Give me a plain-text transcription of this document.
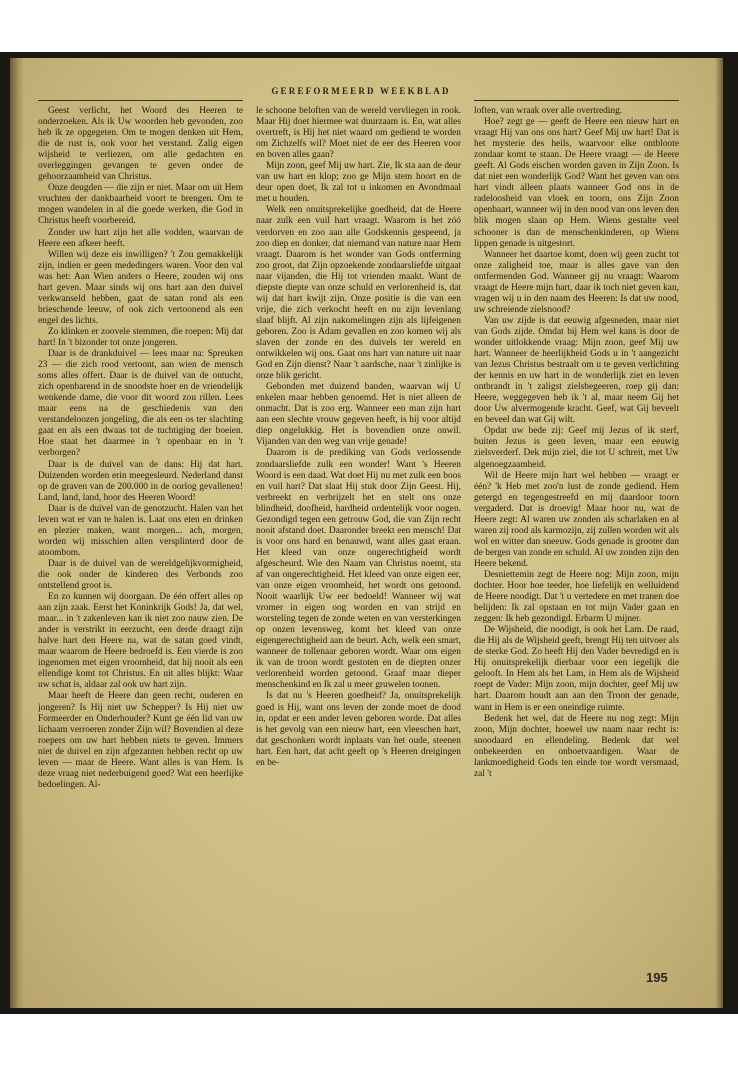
GEREFORMEERD WEEKBLAD

Geest verlicht, het Woord des Heeren te onderzoeken. Als ik Uw woorden heb gevonden, zoo heb ik ze opgegeten. Om te mogen denken uit Hem, die de rust is, ook voor het verstand. Zalig eigen wijsheid te verliezen, om alle gedachten en overleggingen gevangen te geven onder de gehoorzaamheid van Christus.

Onze deugden — die zijn er niet. Maar om uit Hem vruchten der dankbaarheid voort te brengen. Om te mogen wandelen in al die goede werken, die God in Christus heeft voorbereid.

Zonder uw hart zijn het alle vodden, waarvan de Heere een afkeer heeft.

Willen wij deze eis inwilligen? 't Zou gemakkelijk zijn, indien er geen mededingers waren. Voor den val was het: Aan Wien anders o Heere, zouden wij ons hart geven. Maar sinds wij ons hart aan den duivel verkwanseld hebben, gaat de satan rond als een brieschende leeuw, of ook zich vertoonend als een engel des lichts.

Zo klinken er zoovele stemmen, die roepen: Mij dat hart! In 't bizonder tot onze jongeren.

Daar is de drankduivel — lees maar na: Spreuken 23 — die zich rood vertoont, aan wien de mensch soms alles offert. Daar is de duivel van de ontucht, zich openbarend in de snoodste hoer en de vriendelijk wenkende dame, die voor dit woord zou rillen. Lees maar eens na de geschiedenis van den verstandeloozen jongeling, die als een os ter slachting gaat en als een dwaas tot de tuchtiging der boeien. Hoe staat het daarmee in 't openbaar en in 't verborgen?

Daar is de duivel van de dans: Hij dat hart. Duizenden worden erin meegesleurd. Nederland danst op de graven van de 200.000 in de oorlog gevallenen! Land, land, land, hoor des Heeren Woord!

Daar is de duivel van de genotzucht. Halen van het leven wat er van te halen is. Laat ons eten en drinken en plezier maken, want morgen... ach, morgen, worden wij misschien allen versplinterd door de atoombom.

Daar is de duivel van de wereldgelijkvormigheid, die ook onder de kinderen des Verbonds zoo ontstellend groot is.

En zo kunnen wij doorgaan. De één offert alles op aan zijn zaak. Eerst het Koninkrijk Gods! Ja, dat wel, maar... in 't zakenleven kan ik niet zoo nauw zien. De ander is verstrikt in eerzucht, een derde draagt zijn halve hart den Heere na, wat de satan goed vindt, maar waarom de Heere bedroefd is. Een vierde is zoo ingenomen met eigen vroomheid, dat hij nooit als een ellendige komt tot Christus. En uit alles blijkt: Waar uw schat is, aldaar zal ook uw hart zijn.

Maar heeft de Heere dan geen recht, ouderen en jongeren? Is Hij niet uw Schepper? Is Hij niet uw Formeerder en Onderhouder? Kunt ge één lid van uw lichaam verroeren zonder Zijn wil? Bovendien al deze roepers om uw hart hebben niets te geven. Immers niet de duivel en zijn afgezanten hebben recht op uw leven — maar de Heere. Want alles is van Hem. Is deze vraag niet nederbuigend goed? Wat een heerlijke bedoelingen. Al-

le schoone beloften van de wereld vervliegen in rook. Maar Hij doet hiermee wat duurzaam is. En, wat alles overtreft, is Hij het niet waard om gediend te worden om Zichzelfs wil? Moet niet de eer des Heeren voor en boven alles gaan?

Mijn zoon, geef Mij uw hart. Zie, Ik sta aan de deur van uw hart en klop; zoo ge Mijn stem hoort en de deur open doet, Ik zal tot u inkomen en Avondmaal met u houden.

Welk een onuitsprekelijke goedheid, dat de Heere naar zulk een vuil hart vraagt. Waarom is het zóó verdorven en zoo aan alle Godskennis gespeend, ja zoo diep en donker, dat niemand van nature naar Hem vraagt. Daarom is het wonder van Gods ontferming zoo groot, dat Zijn opzoekende zondaarsliefde uitgaat naar vijanden, die Hij tot vrienden maakt. Want de diepste diepte van onze schuld en verlorenheid is, dat wij dat hart kwijt zijn. Onze positie is die van een vrije, die zich verkocht heeft en nu zijn levenlang slaaf blijft. Al zijn nakomelingen zijn als lijfeigenen geboren. Zoo is Adam gevallen en zoo komen wij als slaven der zonde en des duivels ter wereld en ontwikkelen wij ons. Gaat ons hart van nature uit naar God en Zijn dienst? Naar 't aardsche, naar 't zinlijke is onze blik gericht.

Gebonden met duizend banden, waarvan wij U enkelen maar hebben genoemd. Het is niet alleen de onmacht. Dat is zoo erg. Wanneer een man zijn hart aan een slechte vrouw gegeven heeft, is hij voor altijd diep ongelukkig. Het is bovendien onze onwil. Vijanden van den weg van vrije genade!

Daarom is de prediking van Gods verlossende zondaarsliefde zulk een wonder! Want 's Heeren Woord is een daad. Wat doet Hij nu met zulk een boos en vuil hart? Dat slaat Hij stuk door Zijn Geest. Hij, verbreekt en verbrijzelt het en stelt ons onze blindheid, doofheid, hardheid ordentelijk voor oogen. Gezondigd tegen een getrouw God, die van Zijn recht nooit afstand doet. Daaronder breekt een mensch! Dat is voor ons hard en benauwd, want alles gaat eraan. Het kleed van onze ongerechtigheid wordt afgescheurd. Wie den Naam van Christus noemt, sta af van ongerechtigheid. Het kleed van onze eigen eer, van onze eigen vroomheid, het wordt ons getoond. Nooit waarlijk Uw eer bedoeld! Wanneer wij wat vromer in eigen oog worden en van strijd en worsteling tegen de zonde weten en van versterkingen op onzen levensweg, komt het kleed van onze eigengerechtigheid aan de beurt. Ach, welk een smart, wanneer de tollenaar geboren wordt. Waar ons eigen ik van de troon wordt gestoten en de diepten onzer verlorenheid worden getoond. Graaf maar dieper menschenkind en Ik zal u meer gruwelen toonen.

Is dat nu 's Heeren goedheid? Ja, onuitsprekelijk goed is Hij, want ons leven der zonde moet de dood in, opdat er een ander leven geboren worde. Dat alles is het gevolg van een nieuw hart, een vleeschen hart, dat geschonken wordt inplaats van het oude, steenen hart. Een hart, dat acht geeft op 's Heeren dreigingen en be-

loften, van wraak over alle overtreding.

Hoe? zegt ge — geeft de Heere een nieuw hart en vraagt Hij van ons ons hart? Geef Mij uw hart! Dat is het mysterie des heils, waarvoor elke ontbloote zondaar komt te staan. De Heere vraagt — de Heere geeft. Al Gods eischen worden gaven in Zijn Zoon. Is dat niet een wonderlijk God? Want het geven van ons hart vindt alleen plaats wanneer God ons in de radeloosheid van vloek en toorn, ons Zijn Zoon openbaart, wanneer wij in den nood van ons leven den blik mogen slaan op Hem. Wiens gestalte veel schooner is dan de menschenkinderen, op Wiens lippen genade is uitgestort.

Wanneer het daartoe komt, doen wij geen zucht tot onze zaligheid toe, maar is alles gave van den ontfermenden God. Wanneer gij nu vraagt: Waarom vraagt de Heere mijn hart, daar ik toch niet geven kan, vragen wij u in den naam des Heeren: Is dat uw nood, uw schreiende zielsnood?

Van uw zijde is dat eeuwig afgesneden, maar niet van Gods zijde. Omdat bij Hem wel kans is door de wonder uitlokkende vraag: Mijn zoon, geef Mij uw hart. Wanneer de heerlijkheid Gods u in 't aangezicht van Jezus Christus bestraalt om u te geven verlichting der kennis en uw hart in de wonderlijk ziet en leven ontbrandt in 't zaligst zielsbegeeren, roep gij dan: Heere, weggegeven heb ik 't al, maar neem Gij het door Uw alvermogende kracht. Geef, wat Gij beveelt en beveel dan wat Gij wilt.

Opdat uw bede zij: Geef mij Jezus of ik sterf, buiten Jezus is geen leven, maar een eeuwig zielsverderf. Dek mijn ziel, die tot U schreit, met Uw algenoegzaamheid.

Wil de Heere mijn hart wel hebben — vraagt er één? 'k Heb met zoo'n lust de zonde gediend. Hem getergd en tegengestreefd en mij daardoor toorn vergaderd. Dat is droevig! Maar hoor nu, wat de Heere zegt: Al waren uw zonden als scharlaken en al waren zij rood als karmozijn, zij zullen worden wit als wol en witter dan sneeuw. Gods genade is grooter dan de bergen van zonde en schuld. Al uw zonden zijn den Heere bekend.

Desniettemin zegt de Heere nog: Mijn zoon, mijn dochter. Hoor hoe teeder, hoe liefelijk en welluidend de Heere noodigt. Dat 't u vertedere en met tranen doe belijden: Ik zal opstaan en tot mijn Vader gaan en zeggen: Ik heb gezondigd. Erbarm U mijner.

De Wijsheid, die noodigt, is ook het Lam. De raad, die Hij als de Wijsheid geeft, brengt Hij ten uitvoer als de sterke God. Zo heeft Hij den Vader bevredigd en is Hij onuitsprekelijk dierbaar voor een iegelijk die gelooft. In Hem als het Lam, in Hem als de Wijsheid roept de Vader: Mijn zoon, mijn dochter, geef Mij uw hart. Daarom houdt aan aan den Troon der genade, want in Hem is er een oneindige ruimte.

Bedenk het wel, dat de Heere nu nog zegt: Mijn zoon, Mijn dochter, hoewel uw naam naar recht is: snoodaard en ellendeling. Bedenk dat wel onbekeerden en onboetvaardigen. Waar de lankmoedigheid Gods ten einde toe wordt versmaad, zal 't

195
